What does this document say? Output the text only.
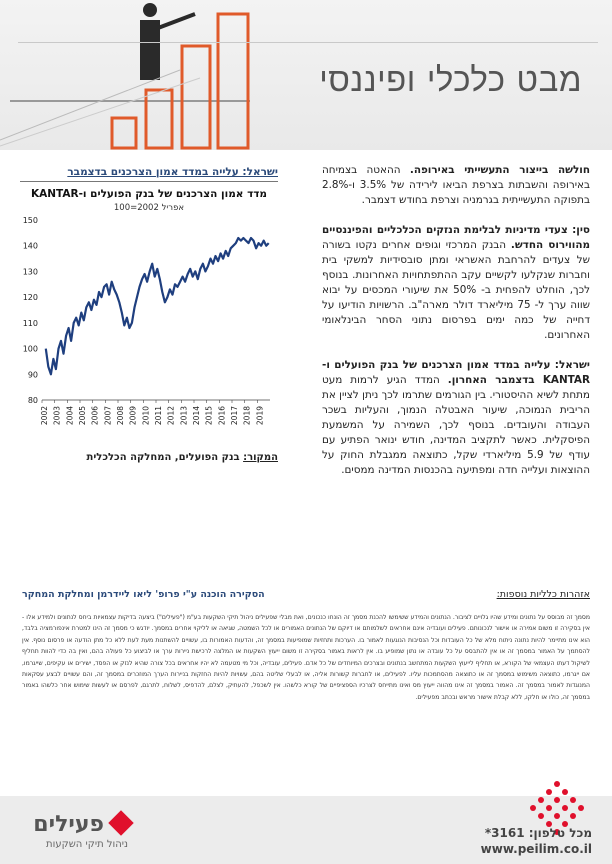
מבט כלכלי ופיננסי

חולשה בייצור התעשייתי באירופה. ההאטה בצמיחה באירופה והשבתות בצרפת הביאו לירידה של 3.5% ו-2.8% בתפוקה התעשייתית בגרמניה וצרפת בחודש דצמבר.

סין: צעדי מדיניות לבלימת הנזקים הכלכליים והפיננסיים מהווירוס החדש. הבנק המרכזי וגופים אחרים נקטו בשורה של צעדים להרחבת האשראי ומתן סובסידיות למשקי בית וחברות שנקלעו לקשיים עקב ההתפתחויות האחרונות. בנוסף לכך, הוחלט להפחית ב- 50% את שיעורי המכסים על יבוא שווה ערך ל- 75 מיליארד דולר מארה"ב. הרשויות הודיעו על דחייה של כמה ימים בפרסום נתוני הסחר הבינלאומי האחרונים.

ישראל: עלייה במדד אמון הצרכנים של בנק הפועלים ו-KANTAR בדצמבר האחרון. המדד הגיע לרמות מעט מתחת לשיא ההיסטורי. בין הגורמים שתרמו לכך ניתן לציין את הריבית הנמוכה, שיעור האבטלה הנמוך, והעליות בשכר העבודה והעובדים. בנוסף לכך, השמירה על המשמעת הפיסקלית. כאשר לתקציב המדינה, חודש ינואר הפתיע עם עודף של 5.9 מיליארדי שקל, כתוצאה ממגבלת החוק על ההוצאות ועלייה חדה ומפתיעה בהכנסות המדינה ממסים.

ישראל: עלייה במדד אמון הצרכנים בדצמבר
מדד אמון הצרכנים של בנק הפועלים ו-KANTAR
אפריל 2002=100
80
90
100
110
120
130
140
150
2002 2003 2004 2005 2006 2007 2008 2009 2010 2011 2012 2013 2014 2015 2016 2017 2018 2019
המקור: בנק הפועלים, המחלקה הכלכלית
אזהרות כלליות נוספות:
הסקירה הוכנה ע"י פרופ' ליאו ליידרמן ומחלקת המחקר
מסמך זה מבוסס על נתונים ומידע שהיו גלויים לציבור. הנתונים והמידע ששימשו להכנת מסמך זה הונחו כנכונים, ואת מבלי שפעילים ניהול תיקי השקעות בע"מ ("פעילים") ביצעה בדיקות עצמאיות ביחס לנתונים ולמידע אלו - אין בסקירה זו משום אמירה או אישור לנכונותם. פעילים ועובדיה אינם אחראים לשלמותם או דיוקם של הנתונים האמורים או לכל השמטה, שגיאה או לליקוי אחרים במסמך. יודגש כי מסמך זה הינו למטרת אינפורמציה בלבד, הוא אינו מתיימר להיות נתונה ניתוח מלא של כל העובדות וכל הנסיבות הנוגעות לאמור בו. הערכות ותחזיות שמופיעות במסמך זה, והדעות האמורות בו, עשויים להשתנות מעת לעת ללא כל מתן הודעה או פרסום נוסף. אין להסתמך על האמור במסמך זה או אין להתבסס על כל עובדה או נתון שמופיע בו. אין לראות באמור בסקירה זו משום ייעוץ השקעות או המלצה לרכישת ניירות ערך או לביצוע כל פעולה בהם, ואין בה כדי להוות תחליף לשיקול דעתו העצמאי של הקורא, או תחליף לייעוץ השקעות המתחשב בנתונים ובצרכים המיוחדים של כל אדם. פעילים, עובדיה, וכל מי מטעמה לא יהיו אחראים בכל צורה שהיא לנזק או הפסד, ישירים או עקיפים, שייגרמו, אם ייגרמו, כתוצאה משימוש במסמך זה או כתוצאה מהסתמכות עליו. לפעילים, או לחברות קשורות אליה, או לבעלי שליטה בהם, עשויות להיות החזקות בניירות הערך המוזכרים במסמך זה, והם עשויים לבצע עסקאות המנוגדות לאמור במסמך זה. האמור במסמך זה אינו מהווה ייעוץ מס ואינו מתייחס לצרכיו הספציפיים של קורא כלשהו. אין לשכפל, להעתיק, לצלם, להדפיס, לשלוח, לתרגם, לפרסם או לעשות שימוש אחר כלשהו באמור במסמך זה, כולו או חלקו, ללא קבלת אישור מראש ובכתב מפעילים.
פעילים
ניהול תיקי השקעות
מכל טלפון: 3161*
www.peilim.co.il
